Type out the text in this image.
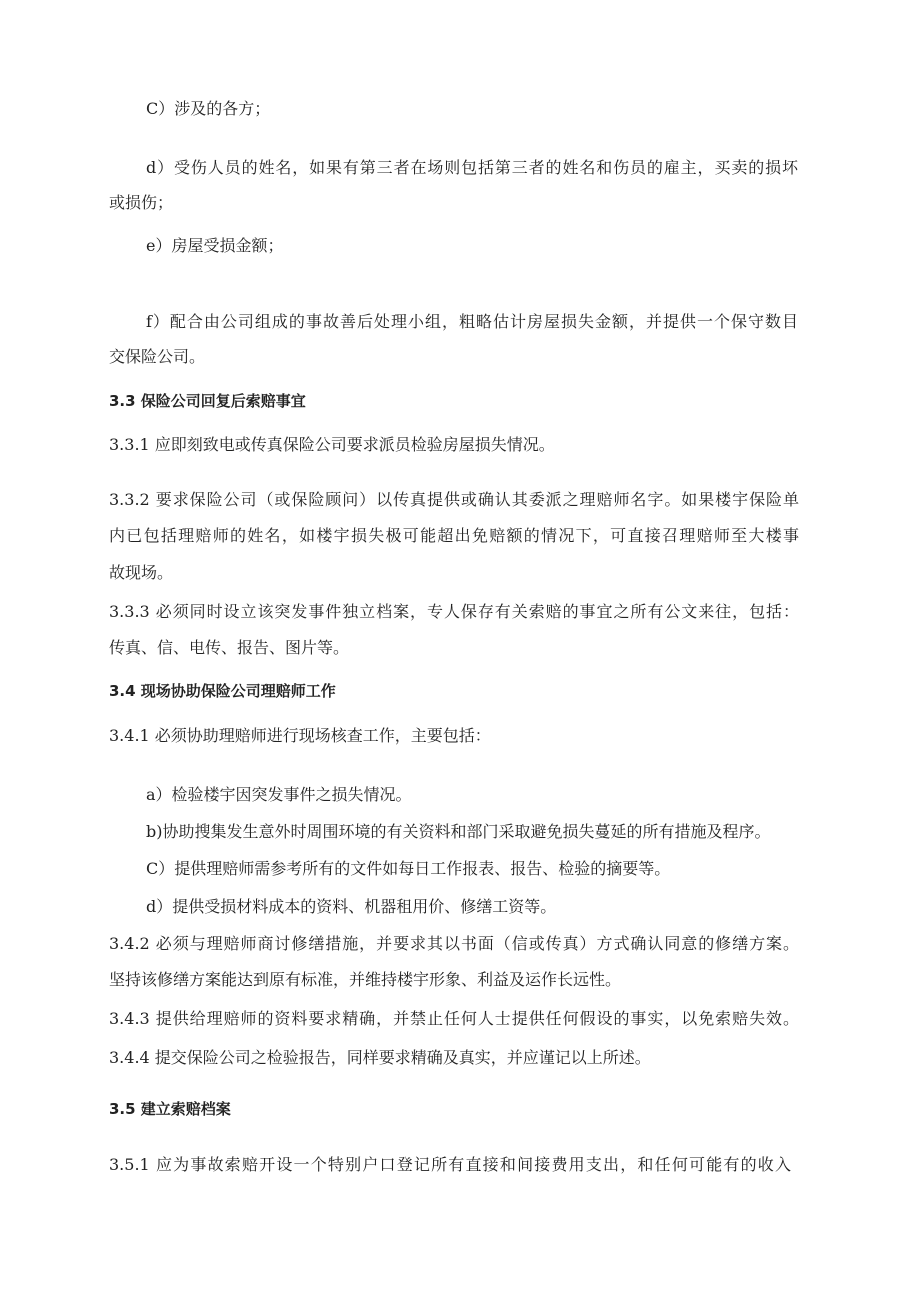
C）涉及的各方；

d）受伤人员的姓名，如果有第三者在场则包括第三者的姓名和伤员的雇主，买卖的损坏

或损伤；

e）房屋受损金额；

f）配合由公司组成的事故善后处理小组，粗略估计房屋损失金额，并提供一个保守数目

交保险公司。

3.3 保险公司回复后索赔事宜

3.3.1 应即刻致电或传真保险公司要求派员检验房屋损失情况。

3.3.2 要求保险公司（或保险顾问）以传真提供或确认其委派之理赔师名字。如果楼宇保险单

内已包括理赔师的姓名，如楼宇损失极可能超出免赔额的情况下，可直接召理赔师至大楼事

故现场。

3.3.3 必须同时设立该突发事件独立档案，专人保存有关索赔的事宜之所有公文来往，包括：

传真、信、电传、报告、图片等。

3.4 现场协助保险公司理赔师工作

3.4.1 必须协助理赔师进行现场核查工作，主要包括：

a）检验楼宇因突发事件之损失情况。

b)协助搜集发生意外时周围环境的有关资料和部门采取避免损失蔓延的所有措施及程序。

C）提供理赔师需参考所有的文件如每日工作报表、报告、检验的摘要等。

d）提供受损材料成本的资料、机器租用价、修缮工资等。

3.4.2 必须与理赔师商讨修缮措施，并要求其以书面（信或传真）方式确认同意的修缮方案。

坚持该修缮方案能达到原有标准，并维持楼宇形象、利益及运作长远性。

3.4.3 提供给理赔师的资料要求精确，并禁止任何人士提供任何假设的事实，以免索赔失效。

3.4.4 提交保险公司之检验报告，同样要求精确及真实，并应谨记以上所述。

3.5 建立索赔档案

3.5.1 应为事故索赔开设一个特别户口登记所有直接和间接费用支出，和任何可能有的收入
